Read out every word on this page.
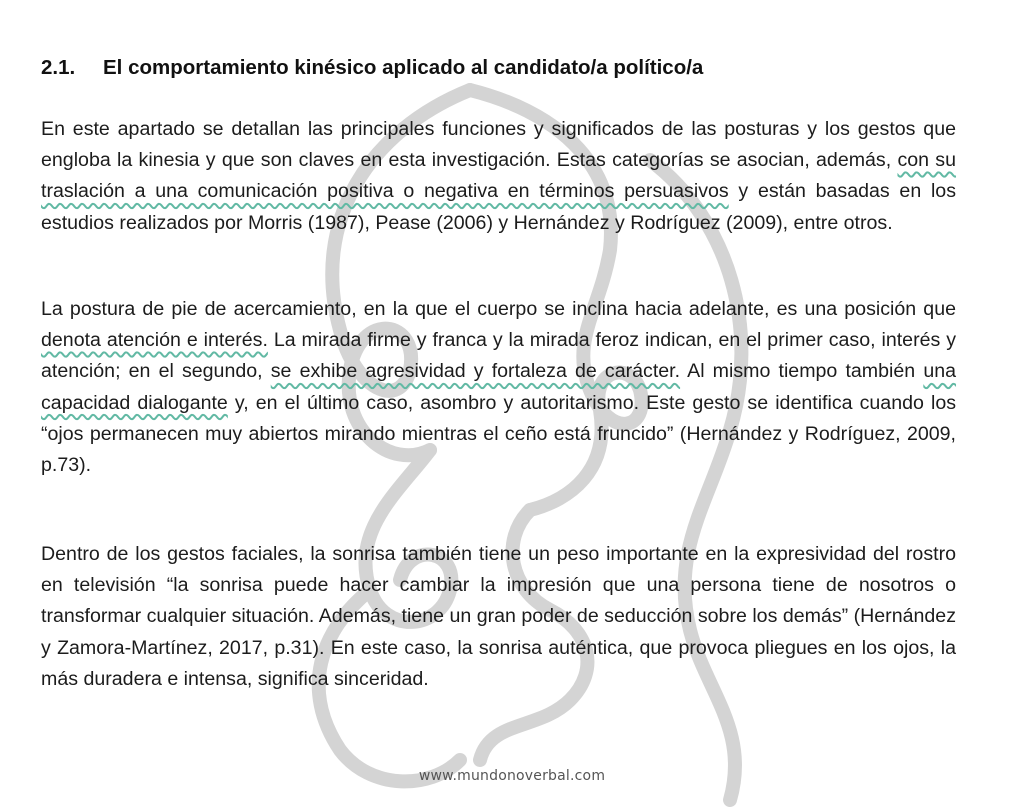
2.1. El comportamiento kinésico aplicado al candidato/a político/a
En este apartado se detallan las principales funciones y significados de las posturas y los gestos que engloba la kinesia y que son claves en esta investigación. Estas categorías se asocian, además, con su traslación a una comunicación positiva o negativa en términos persuasivos y están basadas en los estudios realizados por Morris (1987), Pease (2006) y Hernández y Rodríguez (2009), entre otros.
La postura de pie de acercamiento, en la que el cuerpo se inclina hacia adelante, es una posición que denota atención e interés. La mirada firme y franca y la mirada feroz indican, en el primer caso, interés y atención; en el segundo, se exhibe agresividad y fortaleza de carácter. Al mismo tiempo también una capacidad dialogante y, en el último caso, asombro y autoritarismo. Este gesto se identifica cuando los “ojos permanecen muy abiertos mirando mientras el ceño está fruncido” (Hernández y Rodríguez, 2009, p.73).
Dentro de los gestos faciales, la sonrisa también tiene un peso importante en la expresividad del rostro en televisión “la sonrisa puede hacer cambiar la impresión que una persona tiene de nosotros o transformar cualquier situación. Además, tiene un gran poder de seducción sobre los demás” (Hernández y Zamora-Martínez, 2017, p.31). En este caso, la sonrisa auténtica, que provoca pliegues en los ojos, la más duradera e intensa, significa sinceridad.
www.mundonoverbal.com
